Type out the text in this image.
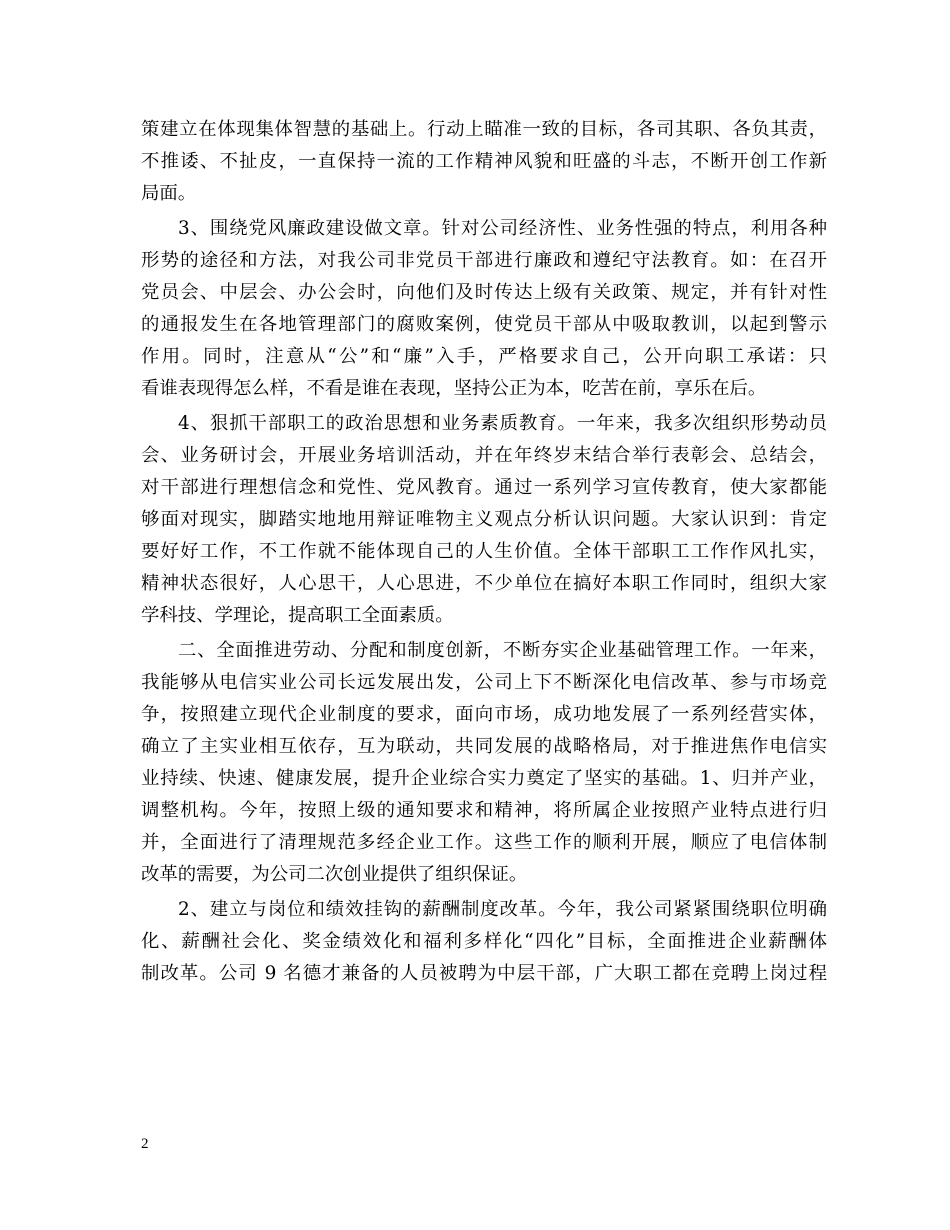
策建立在体现集体智慧的基础上。行动上瞄准一致的目标，各司其职、各负其责，
不推诿、不扯皮，一直保持一流的工作精神风貌和旺盛的斗志，不断开创工作新
局面。
3、围绕党风廉政建设做文章。针对公司经济性、业务性强的特点，利用各种
形势的途径和方法，对我公司非党员干部进行廉政和遵纪守法教育。如：在召开
党员会、中层会、办公会时，向他们及时传达上级有关政策、规定，并有针对性
的通报发生在各地管理部门的腐败案例，使党员干部从中吸取教训，以起到警示
作用。同时，注意从“公”和“廉”入手，严格要求自己，公开向职工承诺：只
看谁表现得怎么样，不看是谁在表现，坚持公正为本，吃苦在前，享乐在后。
4、狠抓干部职工的政治思想和业务素质教育。一年来，我多次组织形势动员
会、业务研讨会，开展业务培训活动，并在年终岁末结合举行表彰会、总结会，
对干部进行理想信念和党性、党风教育。通过一系列学习宣传教育，使大家都能
够面对现实，脚踏实地地用辩证唯物主义观点分析认识问题。大家认识到：肯定
要好好工作，不工作就不能体现自己的人生价值。全体干部职工工作作风扎实，
精神状态很好，人心思干，人心思进，不少单位在搞好本职工作同时，组织大家
学科技、学理论，提高职工全面素质。
二、全面推进劳动、分配和制度创新，不断夯实企业基础管理工作。一年来，
我能够从电信实业公司长远发展出发，公司上下不断深化电信改革、参与市场竞
争，按照建立现代企业制度的要求，面向市场，成功地发展了一系列经营实体，
确立了主实业相互依存，互为联动，共同发展的战略格局，对于推进焦作电信实
业持续、快速、健康发展，提升企业综合实力奠定了坚实的基础。1、归并产业，
调整机构。今年，按照上级的通知要求和精神，将所属企业按照产业特点进行归
并，全面进行了清理规范多经企业工作。这些工作的顺利开展，顺应了电信体制
改革的需要，为公司二次创业提供了组织保证。
2、建立与岗位和绩效挂钩的薪酬制度改革。今年，我公司紧紧围绕职位明确
化、薪酬社会化、奖金绩效化和福利多样化“四化”目标，全面推进企业薪酬体
制改革。公司 9 名德才兼备的人员被聘为中层干部，广大职工都在竞聘上岗过程
2
